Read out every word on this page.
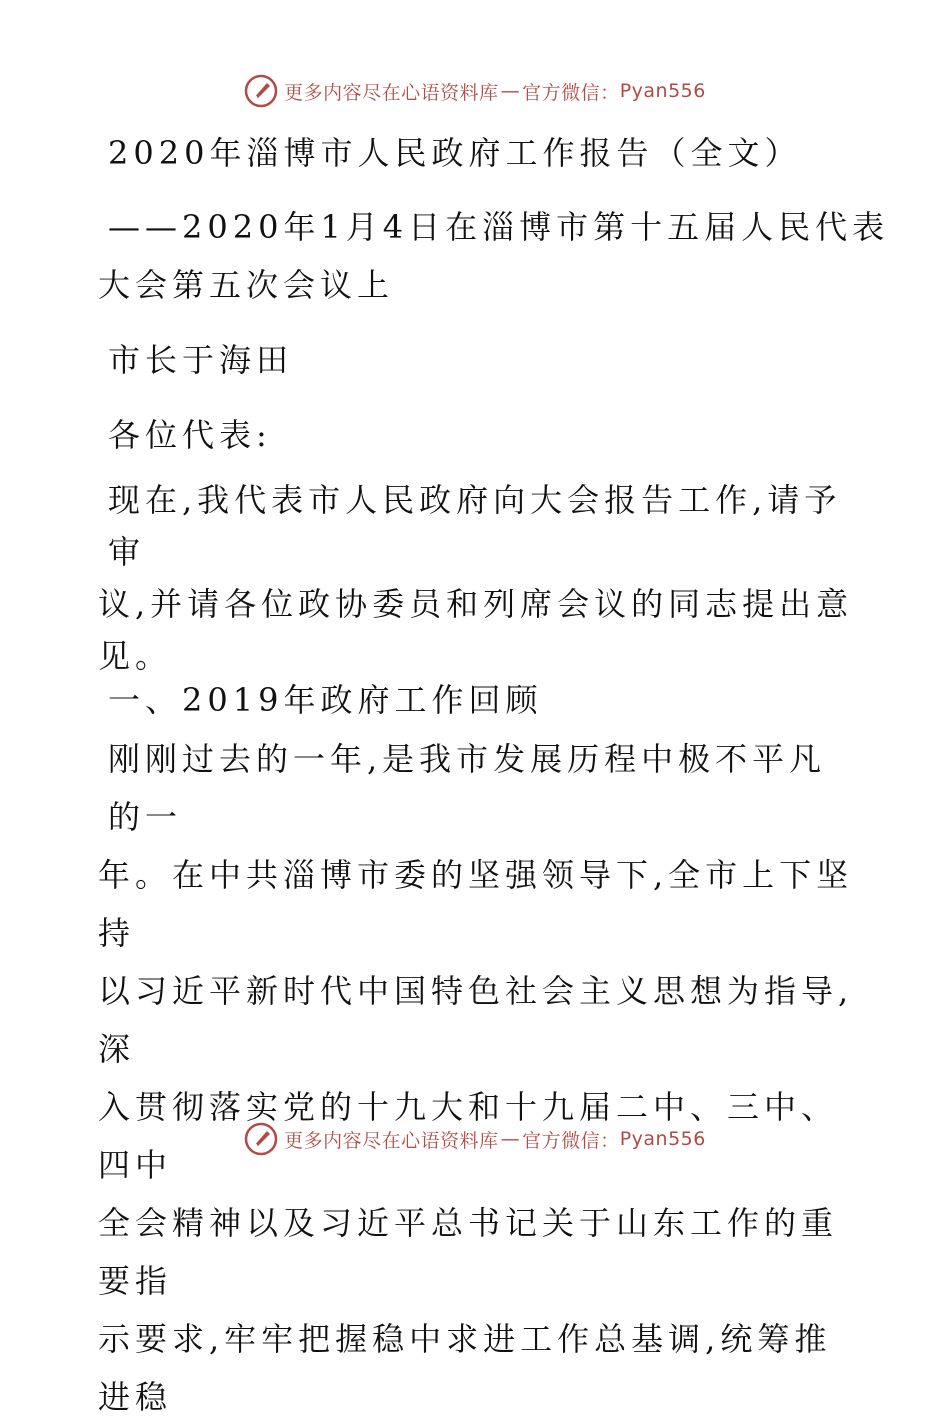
更多内容尽在心语资料库 — 官方微信： Pyan556
2020年淄博市人民政府工作报告（全文）
——2020年1月4日在淄博市第十五届人民代表
大会第五次会议上
市长于海田
各位代表:
现在,我代表市人民政府向大会报告工作,请予审
议,并请各位政协委员和列席会议的同志提出意
见。
一、2019年政府工作回顾
刚刚过去的一年,是我市发展历程中极不平凡的一
年。在中共淄博市委的坚强领导下,全市上下坚持
以习近平新时代中国特色社会主义思想为指导,深
入贯彻落实党的十九大和十九届二中、三中、四中
全会精神以及习近平总书记关于山东工作的重要指
示要求,牢牢把握稳中求进工作总基调,统筹推进稳
更多内容尽在心语资料库 — 官方微信： Pyan556
